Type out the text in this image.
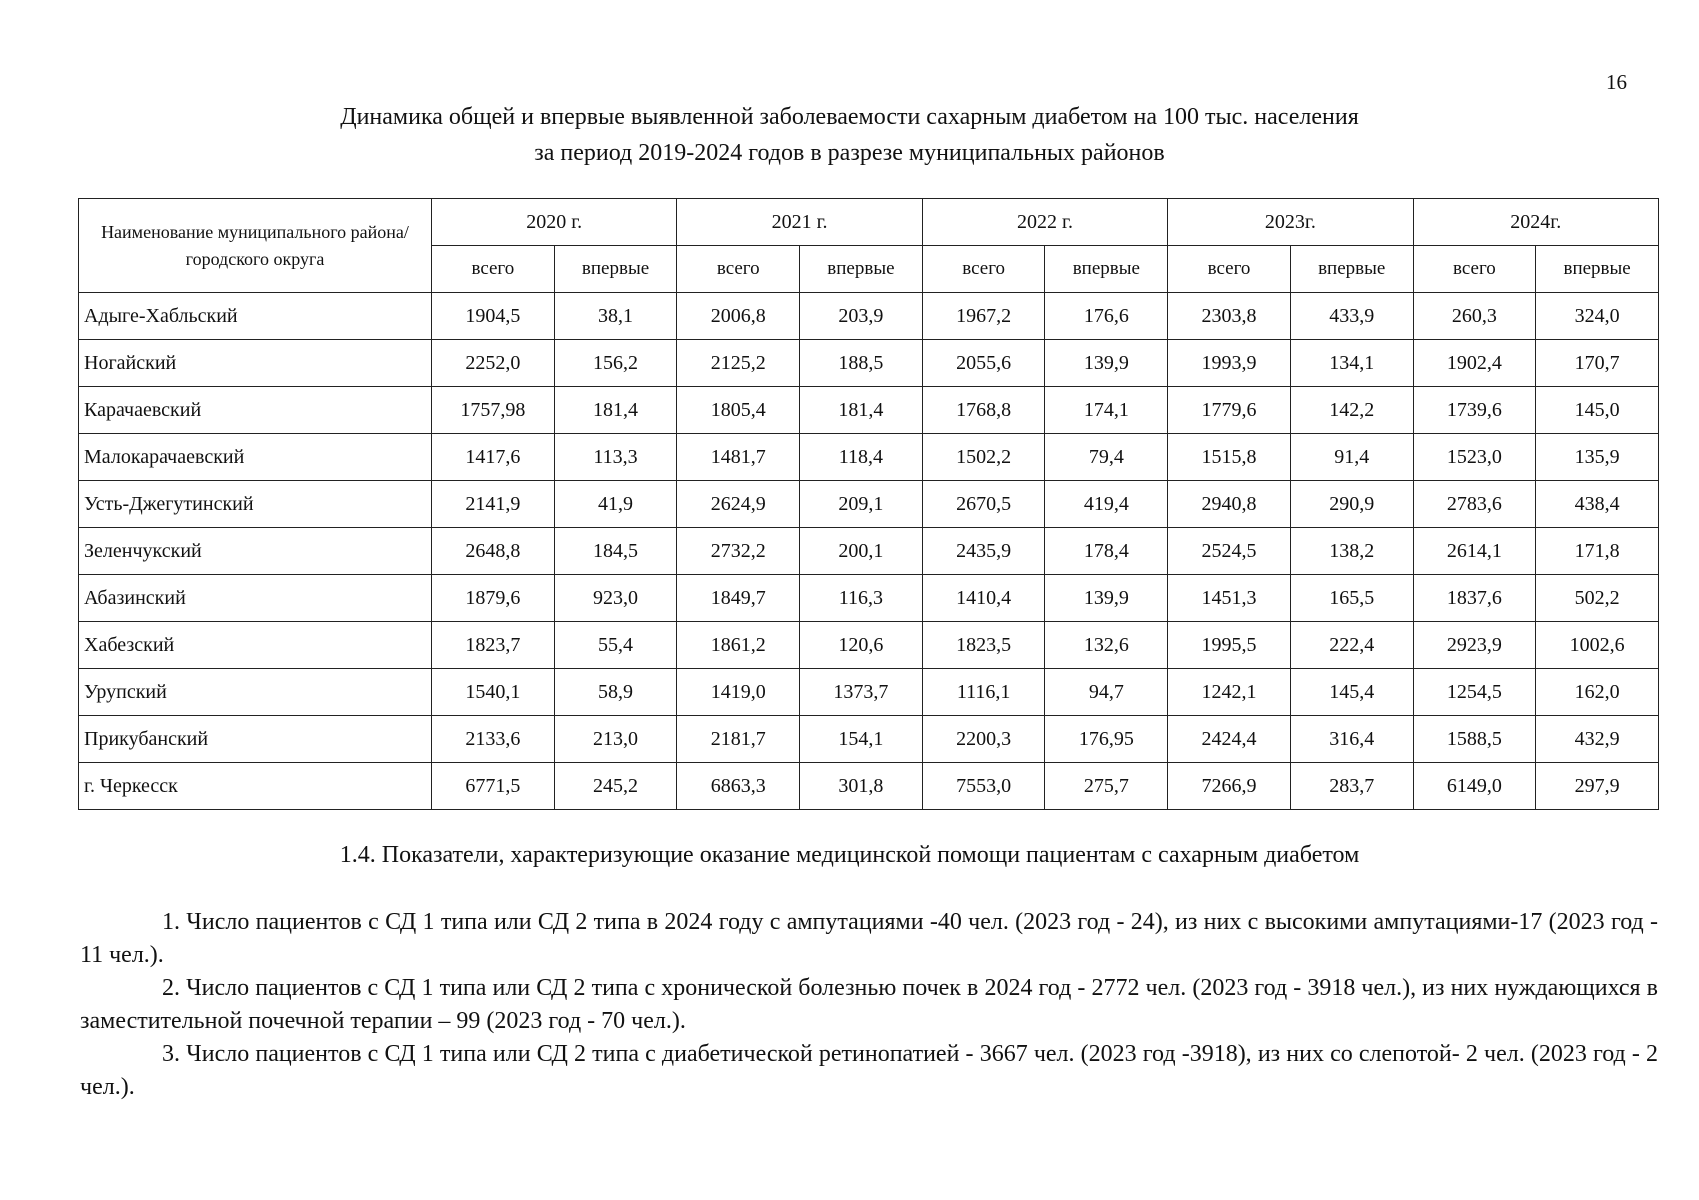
16
Динамика общей и впервые выявленной заболеваемости сахарным диабетом на 100 тыс. населения
за период 2019-2024 годов в разрезе муниципальных районов
Наименование муниципального района/городского округа	2020 г.		2021 г.		2022 г.		2023г.		2024г.	
	всего	впервые	всего	впервые	всего	впервые	всего	впервые	всего	впервые
Адыге-Хабльский	1904,5	38,1	2006,8	203,9	1967,2	176,6	2303,8	433,9	260,3	324,0
Ногайский	2252,0	156,2	2125,2	188,5	2055,6	139,9	1993,9	134,1	1902,4	170,7
Карачаевский	1757,98	181,4	1805,4	181,4	1768,8	174,1	1779,6	142,2	1739,6	145,0
Малокарачаевский	1417,6	113,3	1481,7	118,4	1502,2	79,4	1515,8	91,4	1523,0	135,9
Усть-Джегутинский	2141,9	41,9	2624,9	209,1	2670,5	419,4	2940,8	290,9	2783,6	438,4
Зеленчукский	2648,8	184,5	2732,2	200,1	2435,9	178,4	2524,5	138,2	2614,1	171,8
Абазинский	1879,6	923,0	1849,7	116,3	1410,4	139,9	1451,3	165,5	1837,6	502,2
Хабезский	1823,7	55,4	1861,2	120,6	1823,5	132,6	1995,5	222,4	2923,9	1002,6
Урупский	1540,1	58,9	1419,0	1373,7	1116,1	94,7	1242,1	145,4	1254,5	162,0
Прикубанский	2133,6	213,0	2181,7	154,1	2200,3	176,95	2424,4	316,4	1588,5	432,9
г. Черкесск	6771,5	245,2	6863,3	301,8	7553,0	275,7	7266,9	283,7	6149,0	297,9
1.4. Показатели, характеризующие оказание медицинской помощи пациентам с сахарным диабетом

1. Число пациентов с СД 1 типа или СД 2 типа в 2024 году с ампутациями -40 чел. (2023 год - 24), из них с высокими ампутациями-17 (2023 год - 11 чел.).

2. Число пациентов с СД 1 типа или СД 2 типа с хронической болезнью почек в 2024 год - 2772 чел. (2023 год - 3918 чел.), из них нуждающихся в заместительной почечной терапии – 99 (2023 год - 70 чел.).

3. Число пациентов с СД 1 типа или СД 2 типа с диабетической ретинопатией - 3667 чел. (2023 год -3918), из них со слепотой- 2 чел. (2023 год - 2 чел.).
